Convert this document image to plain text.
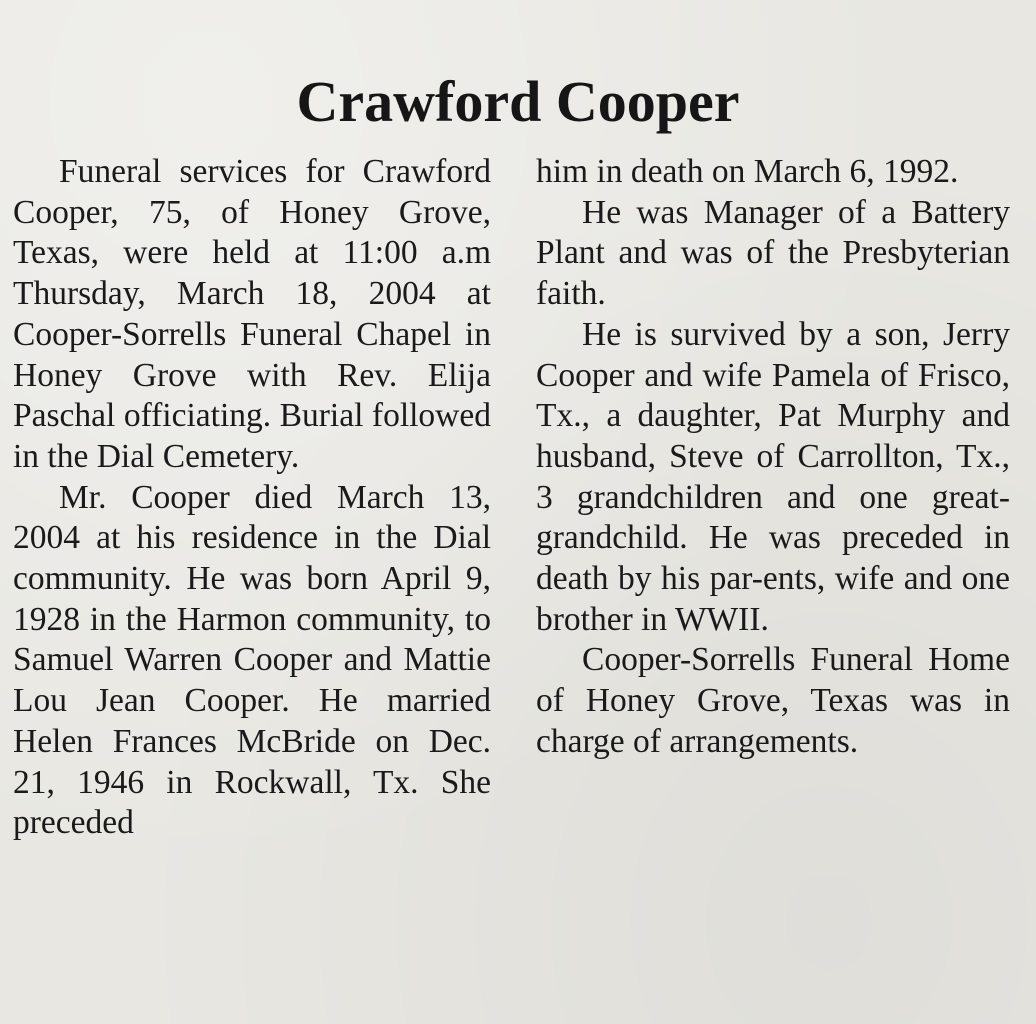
Crawford Cooper

Funeral services for Crawford Cooper, 75, of Honey Grove, Texas, were held at 11:00 a.m Thursday, March 18, 2004 at Cooper-Sorrells Funeral Chapel in Honey Grove with Rev. Elija Paschal officiating. Burial followed in the Dial Cemetery.

Mr. Cooper died March 13, 2004 at his residence in the Dial community. He was born April 9, 1928 in the Harmon community, to Samuel Warren Cooper and Mattie Lou Jean Cooper. He married Helen Frances McBride on Dec. 21, 1946 in Rockwall, Tx. She preceded

him in death on March 6, 1992.

He was Manager of a Battery Plant and was of the Presbyterian faith.

He is survived by a son, Jerry Cooper and wife Pamela of Frisco, Tx., a daughter, Pat Murphy and husband, Steve of Carrollton, Tx., 3 grandchildren and one great-grandchild. He was preceded in death by his par-ents, wife and one brother in WWII.

Cooper-Sorrells Funeral Home of Honey Grove, Texas was in charge of arrangements.
